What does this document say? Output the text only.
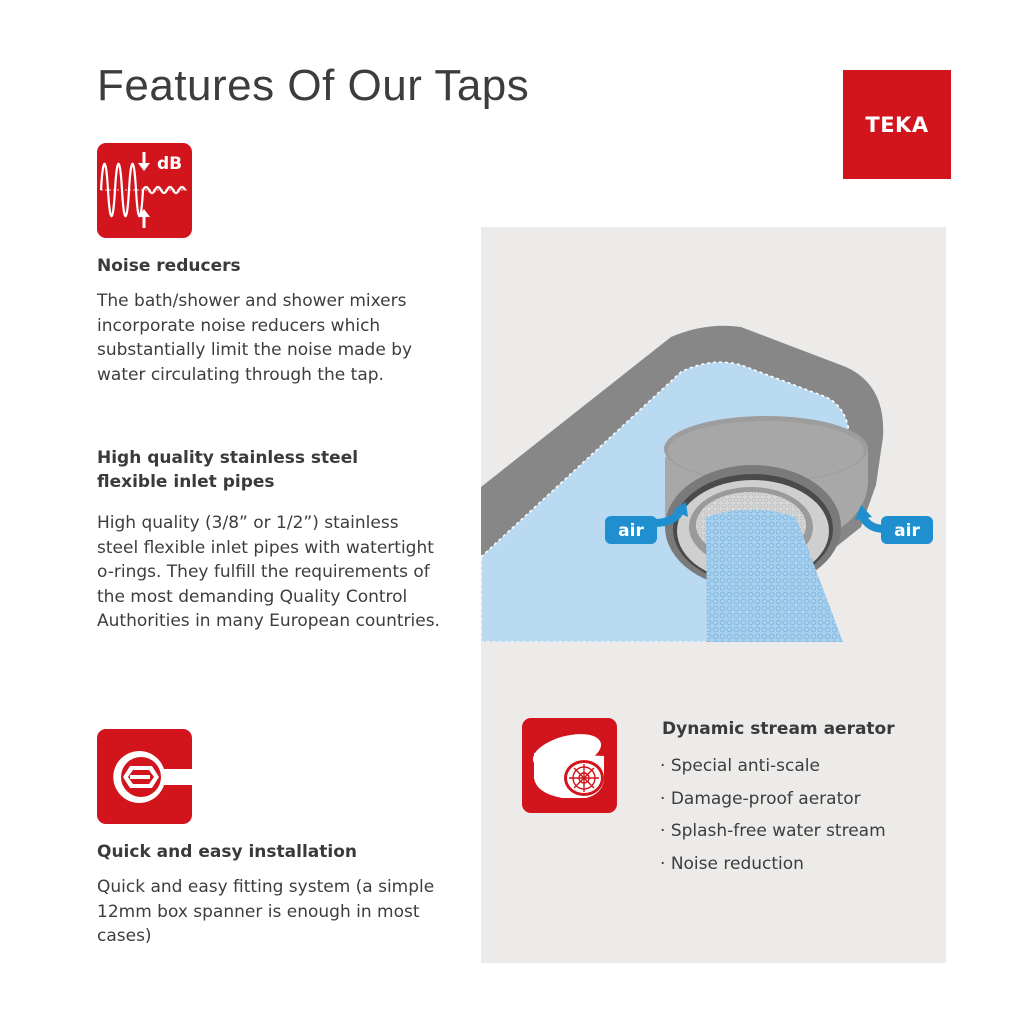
Features Of Our Taps
TEKA
dB
Noise reducers

The bath/shower and shower mixers incorporate noise reducers which substantially limit the noise made by water circulating through the tap.

High quality stainless steel flexible inlet pipes

High quality (3/8” or 1/2”) stainless steel flexible inlet pipes with watertight o-rings. They fulfill the requirements of the most demanding Quality Control Authorities in many European countries.

Quick and easy installation

Quick and easy fitting system (a simple 12mm box spanner is enough in most cases)

air	air
Dynamic stream aerator
· Special anti-scale
· Damage-proof aerator
· Splash-free water stream
· Noise reduction
